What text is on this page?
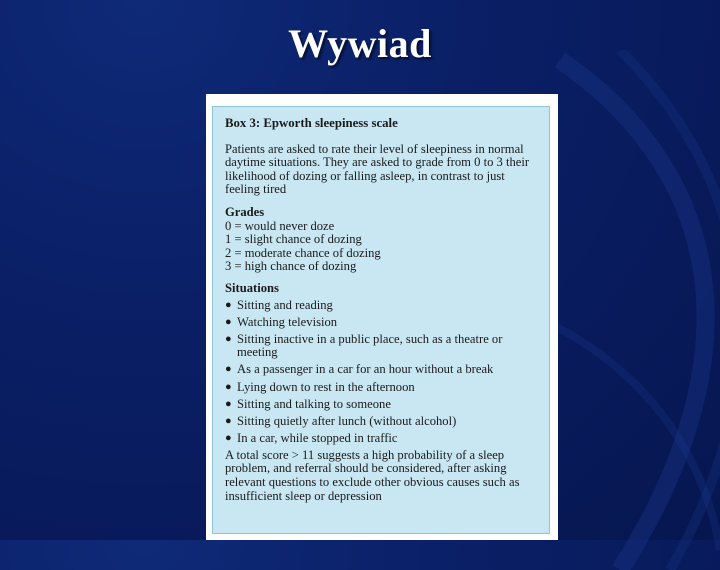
Wywiad

Box 3: Epworth sleepiness scale

Patients are asked to rate their level of sleepiness in normal daytime situations. They are asked to grade from 0 to 3 their likelihood of dozing or falling asleep, in contrast to just feeling tired

Grades

0 = would never doze

1 = slight chance of dozing

2 = moderate chance of dozing

3 = high chance of dozing

Situations

● Sitting and reading
● Watching television
● Sitting inactive in a public place, such as a theatre or meeting
● As a passenger in a car for an hour without a break
● Lying down to rest in the afternoon
● Sitting and talking to someone
● Sitting quietly after lunch (without alcohol)
● In a car, while stopped in traffic

A total score > 11 suggests a high probability of a sleep problem, and referral should be considered, after asking relevant questions to exclude other obvious causes such as insufficient sleep or depression
